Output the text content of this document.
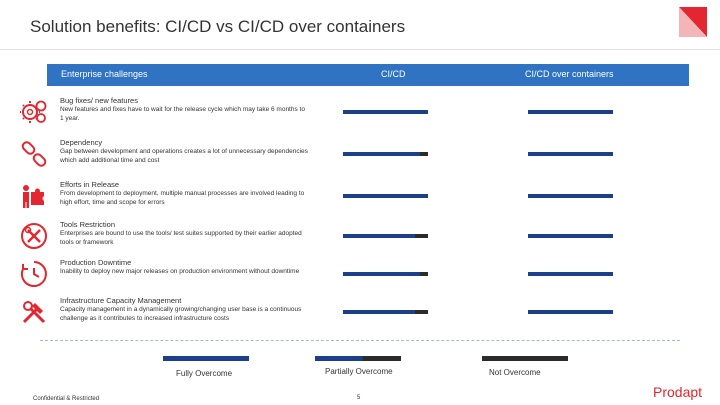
Solution benefits: CI/CD vs CI/CD over containers
Enterprise challenges	CI/CD	CI/CD over containers
Bug fixes/ new features
New features and fixes have to wait for the release cycle which may take 6 months to 1 year.
Dependency
Gap between development and operations creates a lot of unnecessary dependencies which add additional time and cost
Efforts in Release
From development to deployment, multiple manual processes are involved leading to high effort, time and scope for errors
Tools Restriction
Enterprises are bound to use the tools/ test suites supported by their earlier adopted tools or framework
Production Downtime
Inability to deploy new major releases on production environment without downtime
Infrastructure Capacity Management
Capacity management in a dynamically growing/changing user base is a continuous challenge as it contributes to increased infrastructure costs
Fully Overcome	Partially Overcome	Not Overcome
Confidential & Restricted	5	Prodapt
